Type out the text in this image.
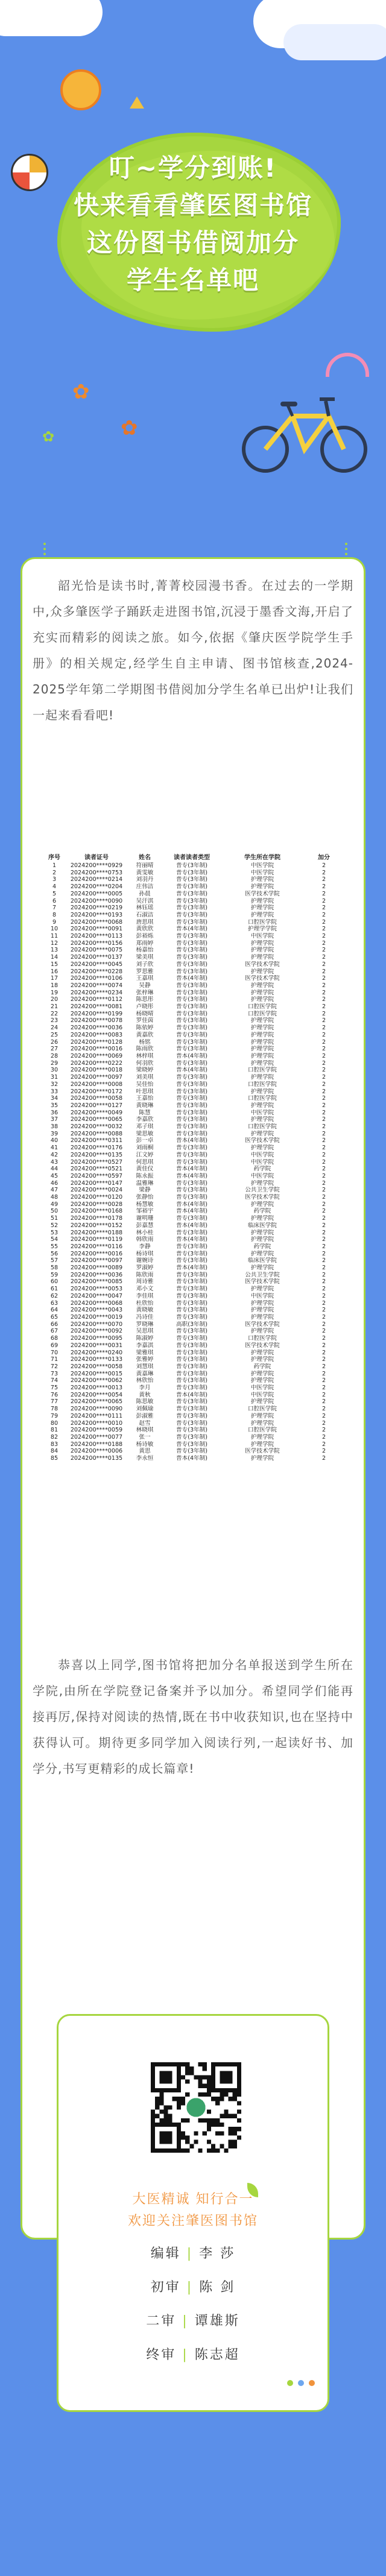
叮~学分到账!
快来看看肇医图书馆
这份图书借阅加分
学生名单吧
✿
✿
✿

韶光恰是读书时,菁菁校园漫书香。在过去的一学期中,众多肇医学子踊跃走进图书馆,沉浸于墨香文海,开启了充实而精彩的阅读之旅。如今,依据《肇庆医学院学生手册》的相关规定,经学生自主申请、图书馆核查,2024-2025学年第二学期图书借阅加分学生名单已出炉!让我们一起来看看吧!

序号	读者证号	姓名	读者读者类型	学生所在学院	加分
1	2024200****0929	符丽晴	普专(3年制)	中医学院	2
2	2024200****0753	黄雯敏	普专(3年制)	中医学院	2
3	2024200****0214	刘羽丹	普专(3年制)	护理学院	2
4	2024200****0204	庄伟洁	普专(3年制)	护理学院	2
5	2024200****0005	孙晨	普专(3年制)	医学技术学院	2
6	2024200****0090	吴汗淇	普专(3年制)	护理学院	2
7	2024200****0219	林钰瑶	普专(3年制)	护理学院	2
8	2024200****0193	石淑洁	普专(3年制)	护理学院	2
9	2024200****0068	唐思琪	普专(3年制)	口腔医学院	2
10	2024200****0091	黄欣欣	普本(4年制)	护理学学院	2
11	2024200****0113	彭裕烁	普专(3年制)	中医学院	2
12	2024200****0156	郑雨婷	普专(3年制)	护理学院	2
13	2024200****0075	杨嘉怡	普专(3年制)	护理学院	2
14	2024200****0137	梁美琪	普专(3年制)	护理学院	2
15	2024200****0045	刘子欣	普专(3年制)	医学技术学院	2
16	2024200****0228	罗思雅	普专(3年制)	护理学院	2
17	2024200****0106	王嘉琪	普本(4年制)	医学技术学院	2
18	2024200****0074	吴静	普专(3年制)	护理学院	2
19	2024200****0234	张梓琳	普专(3年制)	护理学院	2
20	2024200****0112	陈思彤	普专(3年制)	护理学院	2
21	2024200****0081	卢晓彤	普专(3年制)	口腔医学院	2
22	2024200****0199	杨晓晴	普专(3年制)	口腔医学院	2
23	2024200****0078	罗佳茵	普专(3年制)	护理学院	2
24	2024200****0036	陈依婷	普专(3年制)	护理学院	2
25	2024200****0083	黄嘉欣	普专(3年制)	护理学院	2
26	2024200****0128	杨铭	普专(3年制)	护理学院	2
27	2024200****0016	陈雨欣	普专(3年制)	护理学院	2
28	2024200****0069	林梓琪	普本(4年制)	护理学院	2
29	2024200****0222	何羽欣	普专(3年制)	护理学院	2
30	2024200****0018	梁晓婷	普本(4年制)	口腔医学院	2
31	2024200****0097	刘美琪	普专(3年制)	护理学院	2
32	2024200****0008	吴佳怡	普专(3年制)	口腔医学院	2
33	2024200****0172	叶思琪	普专(3年制)	护理学院	2
34	2024200****0058	王嘉怡	普专(3年制)	口腔医学院	2
35	2024200****0127	黄晓琳	普专(3年制)	护理学院	2
36	2024200****0049	陈慧	普专(3年制)	中医学院	2
37	2024200****0065	李嘉欣	普专(3年制)	护理学院	2
38	2024200****0032	邓子琪	普专(3年制)	口腔医学院	2
39	2024200****0088	梁思敏	普专(3年制)	护理学院	2
40	2024200****0311	彭一卓	普本(4年制)	医学技术学院	2
41	2024200****0176	刘雨桐	普专(3年制)	护理学院	2
42	2024200****0135	江文婷	普专(3年制)	中医学院	2
43	2024200****0527	何思琪	普专(3年制)	中医学院	2
44	2024200****0521	黄佳仪	普本(4年制)	药学院	2
45	2024200****0597	陈永振	普本(4年制)	中医学院	2
46	2024200****0147	温雅琳	普专(3年制)	护理学院	2
47	2024200****0024	梁静	普专(3年制)	公共卫生学院	2
48	2024200****0120	张静怡	普专(3年制)	医学技术学院	2
49	2024200****0028	杨慧敏	普本(4年制)	护理学院	2
50	2024200****0168	邹裕宇	普本(4年制)	药学院	2
51	2024200****0178	谢明珊	普专(3年制)	护理学院	2
52	2024200****0152	彭嘉慧	普本(4年制)	临床医学院	2
53	2024200****0188	林小桂	普专(3年制)	护理学院	2
54	2024200****0119	韩欣雨	普本(4年制)	护理学院	2
55	2024200****0116	李静	普专(3年制)	药学院	2
56	2024200****0016	杨诗琪	普专(3年制)	护理学院	2
57	2024200****0097	谢婉诗	普专(3年制)	临床医学院	2
58	2024200****0089	罗淑婷	普本(4年制)	护理学院	2
59	2024200****0036	陈欣雨	普专(3年制)	公共卫生学院	2
60	2024200****0085	周诗雅	普专(3年制)	医学技术学院	2
61	2024200****0053	邓小文	普专(3年制)	护理学院	2
62	2024200****0047	李佳琪	普专(3年制)	中医学院	2
63	2024200****0068	杜欣怡	普专(3年制)	护理学院	2
64	2024200****0043	黄晓敏	普专(3年制)	护理学院	2
65	2024200****0019	冯诗佳	普专(3年制)	护理学院	2
66	2024200****0070	罗晓琳	高职(3年制)	医学技术学院	2
67	2024200****0092	吴思琪	普专(3年制)	护理学院	2
68	2024200****0095	陈淑婷	普专(3年制)	口腔医学院	2
69	2024200****0031	李嘉淇	普专(3年制)	医学技术学院	2
70	2024200****0240	梁雅琪	普专(3年制)	护理学院	2
71	2024200****0133	张雅婷	普专(3年制)	护理学院	2
72	2024200****0058	刘慧琪	普专(3年制)	药学院	2
73	2024200****0015	黄嘉琳	普专(3年制)	护理学院	2
74	2024200****0062	林欣怡	普专(3年制)	护理学院	2
75	2024200****0013	李月	普专(3年制)	中医学院	2
76	2024200****0054	黄秋	普本(4年制)	中医学院	2
77	2024200****0065	陈思敏	普专(3年制)	护理学院	2
78	2024200****0090	刘佩瑜	普专(3年制)	口腔医学院	2
79	2024200****0111	彭淑雅	普专(3年制)	护理学院	2
80	2024200****0010	赵雪	普专(3年制)	护理学院	2
81	2024200****0059	林晓琪	普专(3年制)	口腔医学院	2
82	2024200****0077	张一	普专(3年制)	护理学院	2
83	2024200****0188	杨诗敏	普专(3年制)	护理学院	2
84	2024200****0006	黄思	普专(3年制)	医学技术学院	2
85	2024200****0135	李永恒	普本(4年制)	护理学院	2

恭喜以上同学,图书馆将把加分名单报送到学生所在学院,由所在学院登记备案并予以加分。希望同学们能再接再厉,保持对阅读的热情,既在书中收获知识,也在坚持中获得认可。期待更多同学加入阅读行列,一起读好书、加学分,书写更精彩的成长篇章!

大医精诚 知行合一
欢迎关注肇医图书馆
编辑 | 李 莎
初审 | 陈 剑
二审 | 谭雄斯
终审 | 陈志超
